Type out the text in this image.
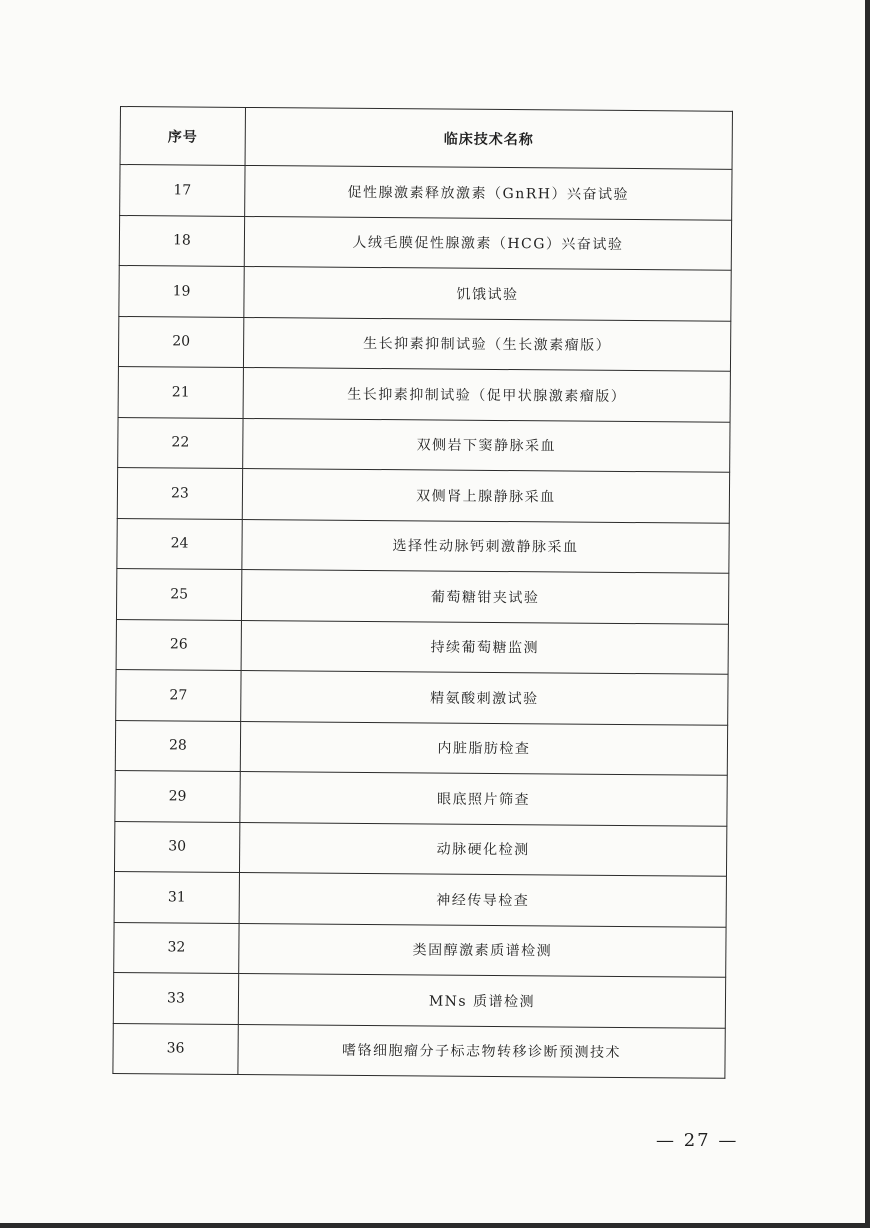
序号	临床技术名称
17	促性腺激素释放激素（GnRH）兴奋试验
18	人绒毛膜促性腺激素（HCG）兴奋试验
19	饥饿试验
20	生长抑素抑制试验（生长激素瘤版）
21	生长抑素抑制试验（促甲状腺激素瘤版）
22	双侧岩下窦静脉采血
23	双侧肾上腺静脉采血
24	选择性动脉钙刺激静脉采血
25	葡萄糖钳夹试验
26	持续葡萄糖监测
27	精氨酸刺激试验
28	内脏脂肪检查
29	眼底照片筛查
30	动脉硬化检测
31	神经传导检查
32	类固醇激素质谱检测
33	MNs 质谱检测
36	嗜铬细胞瘤分子标志物转移诊断预测技术
— 27 —
